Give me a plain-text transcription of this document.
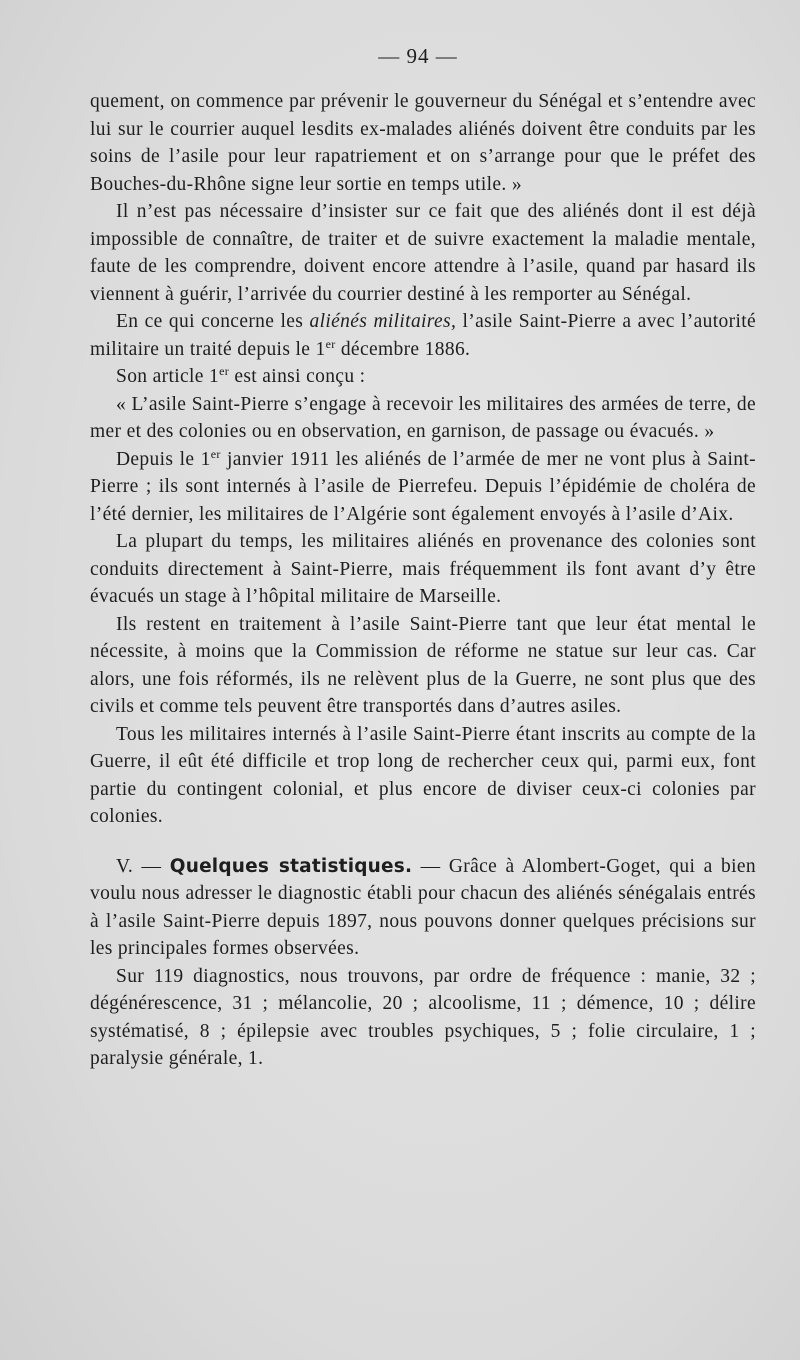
— 94 —

quement, on commence par prévenir le gouverneur du Sénégal et s’entendre avec lui sur le courrier auquel lesdits ex-malades aliénés doivent être conduits par les soins de l’asile pour leur rapatriement et on s’arrange pour que le préfet des Bouches-du-Rhône signe leur sortie en temps utile. »

Il n’est pas nécessaire d’insister sur ce fait que des aliénés dont il est déjà impossible de connaître, de traiter et de suivre exactement la maladie mentale, faute de les comprendre, doivent encore attendre à l’asile, quand par hasard ils viennent à guérir, l’arrivée du courrier destiné à les remporter au Sénégal.

En ce qui concerne les aliénés militaires, l’asile Saint-Pierre a avec l’autorité militaire un traité depuis le 1er décembre 1886.

Son article 1er est ainsi conçu :

« L’asile Saint-Pierre s’engage à recevoir les militaires des armées de terre, de mer et des colonies ou en observation, en garnison, de passage ou évacués. »

Depuis le 1er janvier 1911 les aliénés de l’armée de mer ne vont plus à Saint-Pierre ; ils sont internés à l’asile de Pierrefeu. Depuis l’épidémie de choléra de l’été dernier, les militaires de l’Algérie sont également envoyés à l’asile d’Aix.

La plupart du temps, les militaires aliénés en provenance des colonies sont conduits directement à Saint-Pierre, mais fréquemment ils font avant d’y être évacués un stage à l’hôpital militaire de Marseille.

Ils restent en traitement à l’asile Saint-Pierre tant que leur état mental le nécessite, à moins que la Commission de réforme ne statue sur leur cas. Car alors, une fois réformés, ils ne relèvent plus de la Guerre, ne sont plus que des civils et comme tels peuvent être transportés dans d’autres asiles.

Tous les militaires internés à l’asile Saint-Pierre étant inscrits au compte de la Guerre, il eût été difficile et trop long de rechercher ceux qui, parmi eux, font partie du contingent colonial, et plus encore de diviser ceux-ci colonies par colonies.

V. — Quelques statistiques. — Grâce à Alombert-Goget, qui a bien voulu nous adresser le diagnostic établi pour chacun des aliénés sénégalais entrés à l’asile Saint-Pierre depuis 1897, nous pouvons donner quelques précisions sur les principales formes observées.

Sur 119 diagnostics, nous trouvons, par ordre de fréquence : manie, 32 ; dégénérescence, 31 ; mélancolie, 20 ; alcoolisme, 11 ; démence, 10 ; délire systématisé, 8 ; épilepsie avec troubles psychiques, 5 ; folie circulaire, 1 ; paralysie générale, 1.
